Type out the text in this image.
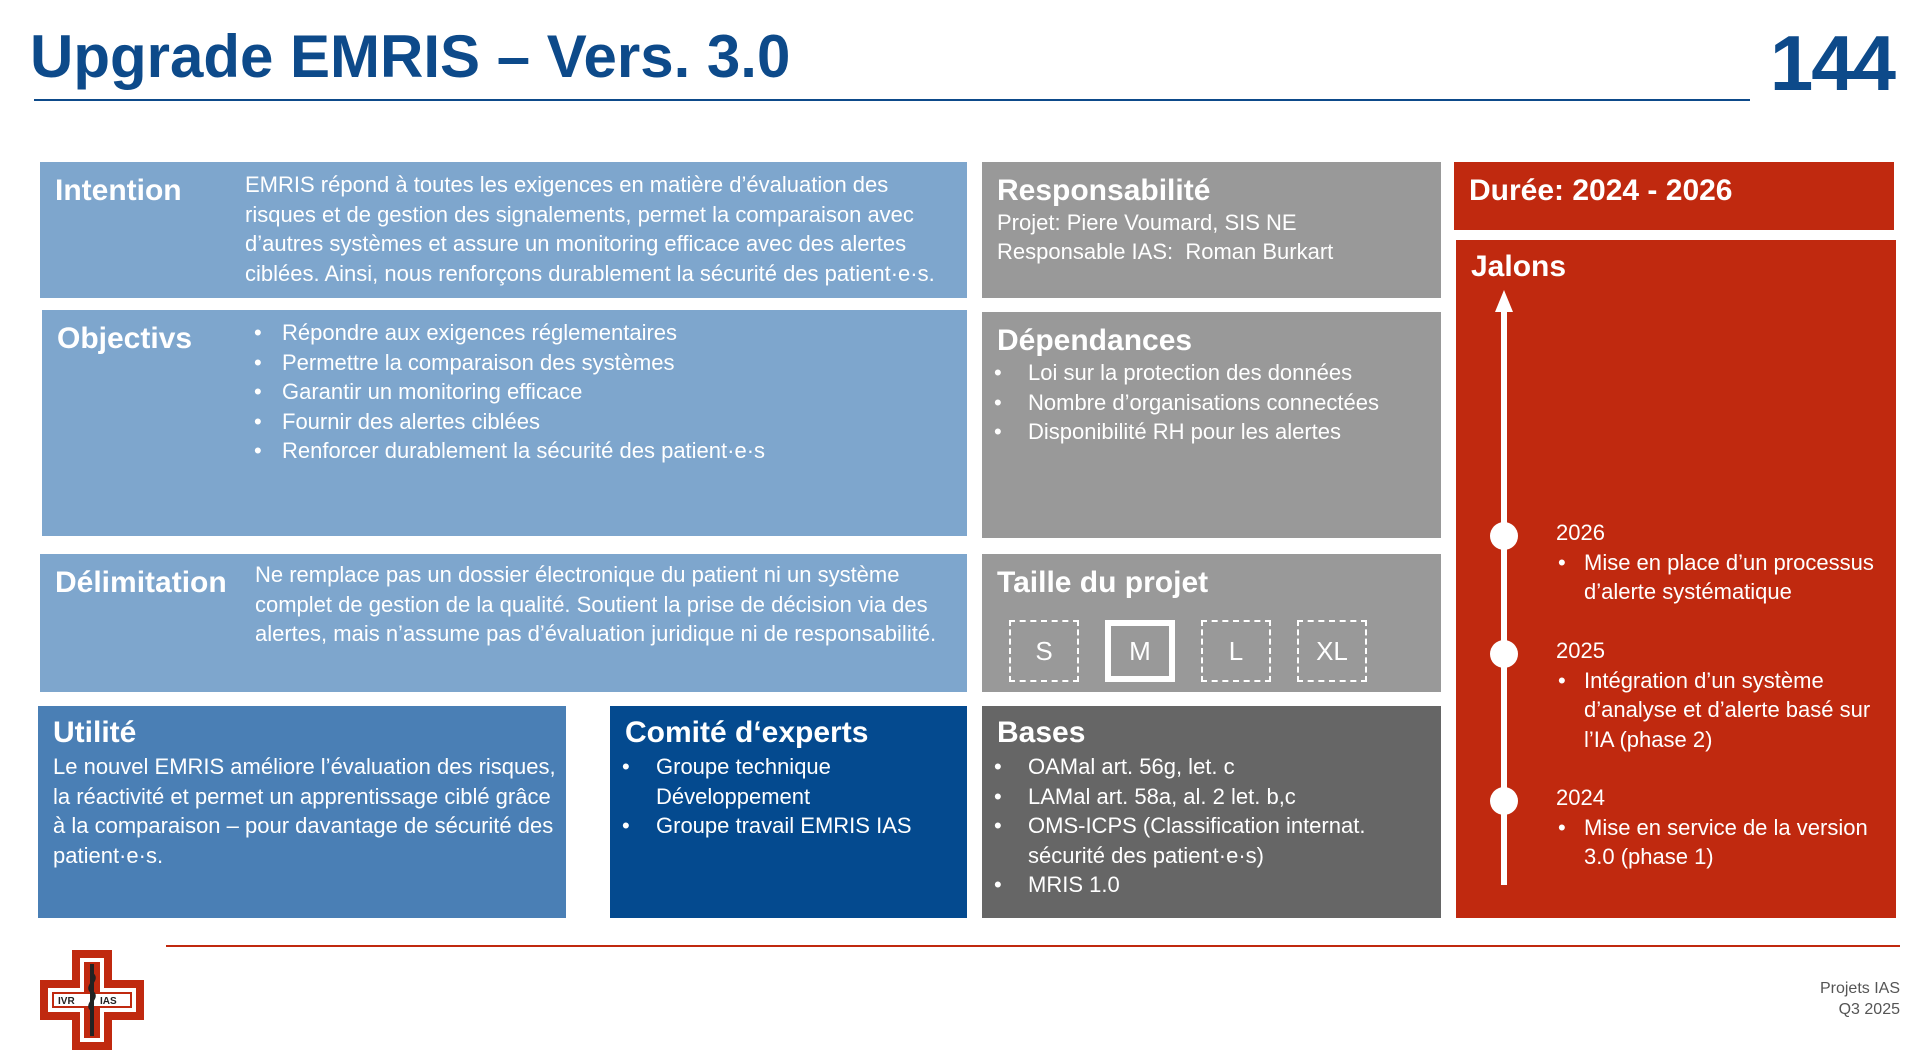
Upgrade EMRIS – Vers. 3.0	144
Intention	EMRIS répond à toutes les exigences en matière d’évaluation des risques et de gestion des signalements, permet la comparaison avec d’autres systèmes et assure un monitoring efficace avec des alertes ciblées. Ainsi, nous renforçons durablement la sécurité des patient·e·s.
Objectivs
•	Répondre aux exigences réglementaires
• Permettre la comparaison des systèmes
• Garantir un monitoring efficace
• Fournir des alertes ciblées
• Renforcer durablement la sécurité des patient·e·s
Délimitation Ne remplace pas un dossier électronique du patient ni un système complet de gestion de la qualité. Soutient la prise de décision via des alertes, mais n’assume pas d’évaluation juridique ni de responsabilité.
Utilité
Le nouvel EMRIS améliore l’évaluation des risques, la réactivité et permet un apprentissage ciblé grâce à la comparaison – pour davantage de sécurité des patient·e·s.
Comité d‘experts
• Groupe technique Développement
• Groupe travail EMRIS IAS
Responsabilité
Projet: Piere Voumard, SIS NE
Responsable IAS:  Roman Burkart
Dépendances
• Loi sur la protection des données
• Nombre d’organisations connectées
• Disponibilité RH pour les alertes
Taille du projet
S	M	L	XL
Bases
• OAMal art. 56g, let. c
• LAMal art. 58a, al. 2 let. b,c
• OMS-ICPS (Classification internat. sécurité des patient·e·s)
• MRIS 1.0
Durée: 2024 - 2026
Jalons
2026
• Mise en place d’un processus d’alerte systématique
2025
• Intégration d’un système d’analyse et d’alerte basé sur l’IA (phase 2)
2024
• Mise en service de la version 3.0 (phase 1)
Projets IAS
Q3 2025
IVR	IAS
